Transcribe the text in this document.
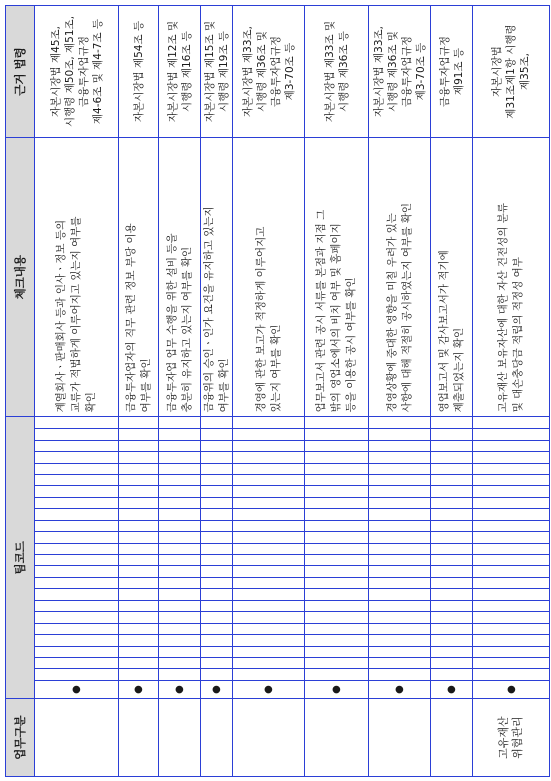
업무구분	팀코드																								체크내용	근거 법령
	●																								계열회사ㆍ판매회사 등과 인사ㆍ정보 등의 교류가 적법하게 이루어지고 있는지 여부를 확인	자본시장법 제45조, 시행령 제50조, 제51조, 금융투자업규정 제4-6조 및 제4-7조 등

	●																								금융투자업자의 직무 관련 정보 부당 이용 여부를 확인	자본시장법 제54조 등

	●																								금융투자업 업무 수행을 위한 설비 등을 충분히 유지하고 있는지 여부를 확인	자본시장법 제12조 및 시행령 제16조 등

	●																								금융위의 승인ㆍ인가 요건을 유지하고 있는지 여부를 확인	자본시장법 제15조 및 시행령 제19조 등

	●																								경영에 관한 보고가 적정하게 이루어지고 있는지 여부를 확인	자본시장법 제33조, 시행령 제36조 및 금융투자업규정 제3-70조 등

	●																								업무보고서 관련 공시 서류를 본점과 지점 그 밖의 영업소에서의 비치 여부 및 홈페이지 등을 이용한 공시 여부를 확인	자본시장법 제33조 및 시행령 제36조 등

	●																								경영상황에 중대한 영향을 미칠 우려가 있는 사항에 대해 적절히 공시하였는지 여부를 확인	자본시장법 제33조, 시행령 제36조 및 금융투자업규정 제3-70조 등

	●																								영업보고서 및 감사보고서가 적기에 제출되었는지 확인	금융투자업규정 제91조 등

고유재산 위험관리	●																								고유재산 보유자산에 대한 자산 건전성의 분류 및 대손충당금 적립의 적정성 여부	자본시장법 제31조제1항 시행령 제35조,
